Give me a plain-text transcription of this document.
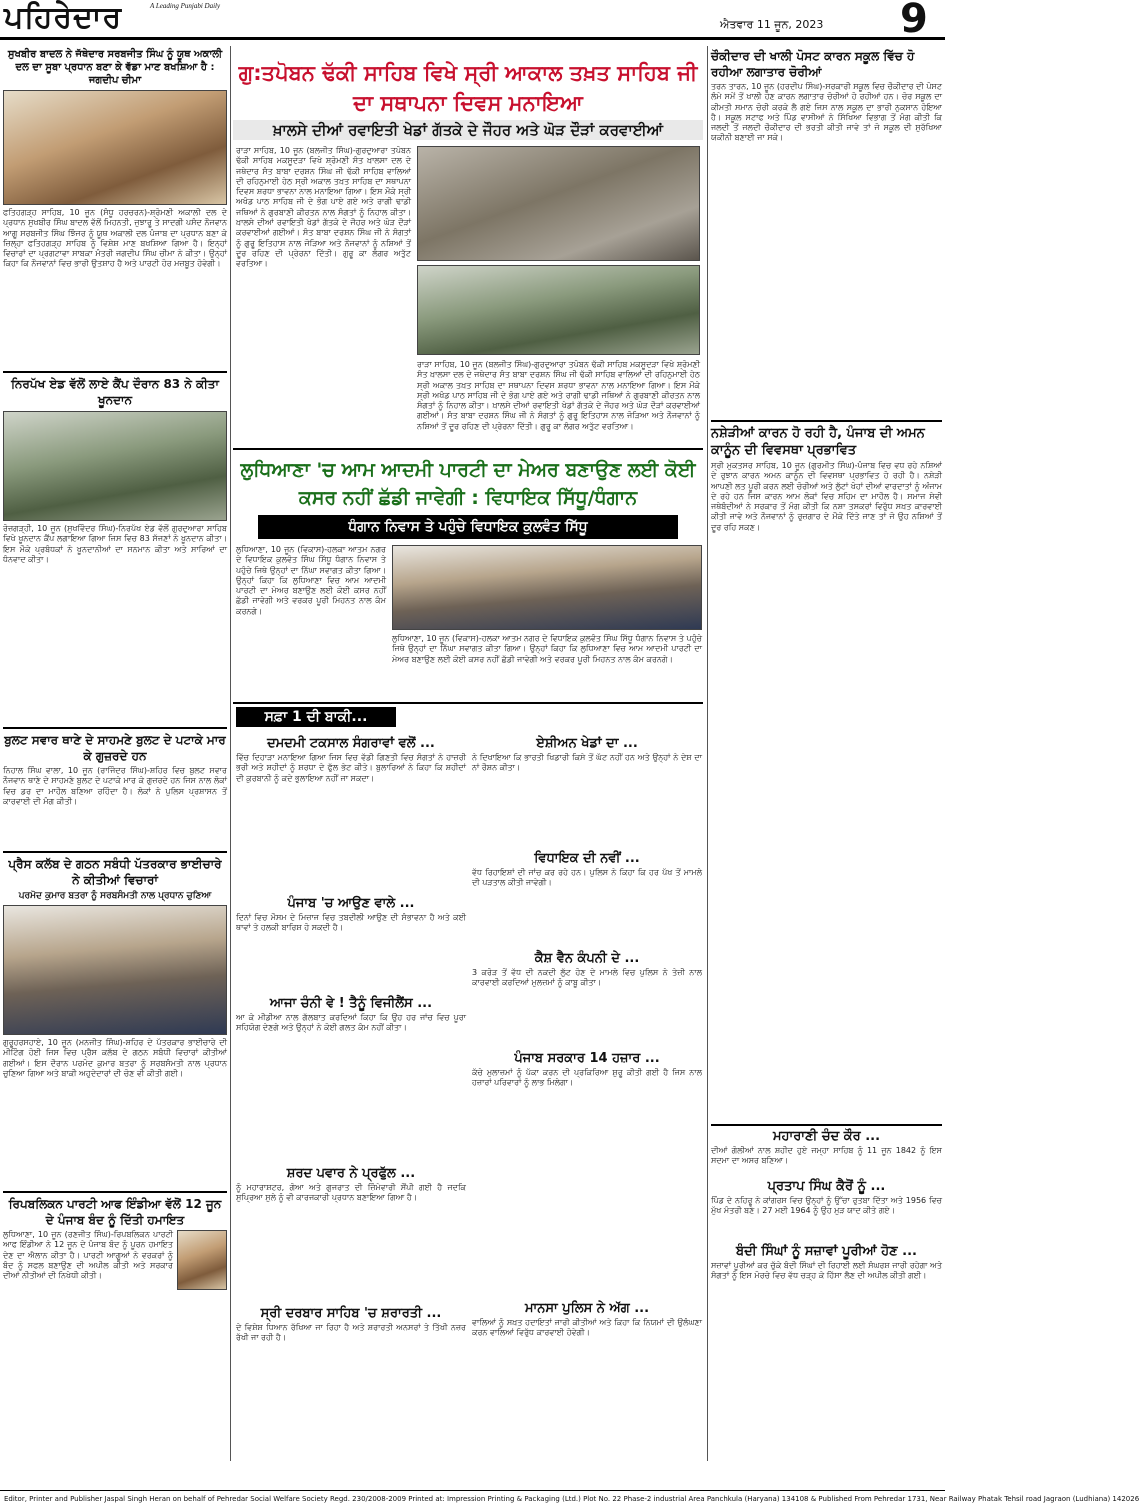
ਪਹਿਰੇਦਾਰ	A Leading Punjabi Daily
ਐਤਵਾਰ 11 ਜੂਨ, 2023 9
ਸੁਖਬੀਰ ਬਾਦਲ ਨੇ ਜੱਥੇਦਾਰ ਸਰਬਜੀਤ ਸਿੰਘ ਨੂੰ ਯੂਥ ਅਕਾਲੀ ਦਲ ਦਾ ਸੂਬਾ ਪ੍ਰਧਾਨ ਬਣਾ ਕੇ ਵੱਡਾ ਮਾਣ ਬਖਸ਼ਿਆ ਹੈ : ਜਗਦੀਪ ਚੀਮਾ
ਫਤਿਹਗੜ੍ਹ ਸਾਹਿਬ, 10 ਜੂਨ (ਸੰਧੂ ਹਰਚਰਨ)-ਸ਼੍ਰੋਮਣੀ ਅਕਾਲੀ ਦਲ ਦੇ ਪ੍ਰਧਾਨ ਸੁਖਬੀਰ ਸਿੰਘ ਬਾਦਲ ਵੱਲੋਂ ਮਿਹਨਤੀ, ਜੁਝਾਰੂ ਤੇ ਸਾਦਗੀ ਪਸੰਦ ਨੌਜਵਾਨ ਆਗੂ ਸਰਬਜੀਤ ਸਿੰਘ ਝਿੰਜਰ ਨੂੰ ਯੂਥ ਅਕਾਲੀ ਦਲ ਪੰਜਾਬ ਦਾ ਪ੍ਰਧਾਨ ਬਣਾ ਕੇ ਜ਼ਿਲ੍ਹਾ ਫਤਿਹਗੜ੍ਹ ਸਾਹਿਬ ਨੂੰ ਵਿਸ਼ੇਸ਼ ਮਾਣ ਬਖਸ਼ਿਆ ਗਿਆ ਹੈ। ਇਨ੍ਹਾਂ ਵਿਚਾਰਾਂ ਦਾ ਪ੍ਰਗਟਾਵਾ ਸਾਬਕਾ ਮੰਤਰੀ ਜਗਦੀਪ ਸਿੰਘ ਚੀਮਾ ਨੇ ਕੀਤਾ। ਉਨ੍ਹਾਂ ਕਿਹਾ ਕਿ ਨੌਜਵਾਨਾਂ ਵਿਚ ਭਾਰੀ ਉਤਸ਼ਾਹ ਹੈ ਅਤੇ ਪਾਰਟੀ ਹੋਰ ਮਜ਼ਬੂਤ ਹੋਵੇਗੀ।
ਨਿਰਪੱਖ ਏਡ ਵੱਲੋਂ ਲਾਏ ਕੈਂਪ ਦੌਰਾਨ 83 ਨੇ ਕੀਤਾ ਖੂਨਦਾਨ
ਰੋਜ਼ਗੜ੍ਹੀ, 10 ਜੂਨ (ਸੁਖਵਿੰਦਰ ਸਿੰਘ)-ਨਿਰਪੱਖ ਏਡ ਵੱਲੋਂ ਗੁਰਦੁਆਰਾ ਸਾਹਿਬ ਵਿਖੇ ਖੂਨਦਾਨ ਕੈਂਪ ਲਗਾਇਆ ਗਿਆ ਜਿਸ ਵਿਚ 83 ਸੱਜਣਾਂ ਨੇ ਖੂਨਦਾਨ ਕੀਤਾ। ਇਸ ਮੌਕੇ ਪ੍ਰਬੰਧਕਾਂ ਨੇ ਖੂਨਦਾਨੀਆਂ ਦਾ ਸਨਮਾਨ ਕੀਤਾ ਅਤੇ ਸਾਰਿਆਂ ਦਾ ਧੰਨਵਾਦ ਕੀਤਾ।
ਬੁਲਟ ਸਵਾਰ ਥਾਣੇ ਦੇ ਸਾਹਮਣੇ ਬੁਲਟ ਦੇ ਪਟਾਕੇ ਮਾਰ ਕੇ ਗੁਜ਼ਰਦੇ ਹਨ
ਨਿਹਾਲ ਸਿੰਘ ਵਾਲਾ, 10 ਜੂਨ (ਰਾਜਿੰਦਰ ਸਿੰਘ)-ਸ਼ਹਿਰ ਵਿਚ ਬੁਲਟ ਸਵਾਰ ਨੌਜਵਾਨ ਥਾਣੇ ਦੇ ਸਾਹਮਣੇ ਬੁਲਟ ਦੇ ਪਟਾਕੇ ਮਾਰ ਕੇ ਗੁਜ਼ਰਦੇ ਹਨ ਜਿਸ ਨਾਲ ਲੋਕਾਂ ਵਿਚ ਡਰ ਦਾ ਮਾਹੌਲ ਬਣਿਆ ਰਹਿੰਦਾ ਹੈ। ਲੋਕਾਂ ਨੇ ਪੁਲਿਸ ਪ੍ਰਸ਼ਾਸਨ ਤੋਂ ਕਾਰਵਾਈ ਦੀ ਮੰਗ ਕੀਤੀ।
ਪ੍ਰੈਸ ਕਲੱਬ ਦੇ ਗਠਨ ਸਬੰਧੀ ਪੱਤਰਕਾਰ ਭਾਈਚਾਰੇ ਨੇ ਕੀਤੀਆਂ ਵਿਚਾਰਾਂ
ਪਰਮੋਦ ਕੁਮਾਰ ਬਤਰਾ ਨੂੰ ਸਰਬਸੰਮਤੀ ਨਾਲ ਪ੍ਰਧਾਨ ਚੁਣਿਆ
ਗੁਰੂਹਰਸਹਾਏ, 10 ਜੂਨ (ਮਨਜੀਤ ਸਿੰਘ)-ਸ਼ਹਿਰ ਦੇ ਪੱਤਰਕਾਰ ਭਾਈਚਾਰੇ ਦੀ ਮੀਟਿੰਗ ਹੋਈ ਜਿਸ ਵਿਚ ਪ੍ਰੈਸ ਕਲੱਬ ਦੇ ਗਠਨ ਸਬੰਧੀ ਵਿਚਾਰਾਂ ਕੀਤੀਆਂ ਗਈਆਂ। ਇਸ ਦੌਰਾਨ ਪਰਮੋਦ ਕੁਮਾਰ ਬਤਰਾ ਨੂੰ ਸਰਬਸੰਮਤੀ ਨਾਲ ਪ੍ਰਧਾਨ ਚੁਣਿਆ ਗਿਆ ਅਤੇ ਬਾਕੀ ਅਹੁਦੇਦਾਰਾਂ ਦੀ ਚੋਣ ਵੀ ਕੀਤੀ ਗਈ।
ਰਿਪਬਲਿਕਨ ਪਾਰਟੀ ਆਫ ਇੰਡੀਆ ਵੱਲੋਂ 12 ਜੂਨ ਦੇ ਪੰਜਾਬ ਬੰਦ ਨੂੰ ਦਿੱਤੀ ਹਮਾਇਤ
ਲੁਧਿਆਣਾ, 10 ਜੂਨ (ਰਣਜੀਤ ਸਿੰਘ)-ਰਿਪਬਲਿਕਨ ਪਾਰਟੀ ਆਫ ਇੰਡੀਆ ਨੇ 12 ਜੂਨ ਦੇ ਪੰਜਾਬ ਬੰਦ ਨੂੰ ਪੂਰਨ ਹਮਾਇਤ ਦੇਣ ਦਾ ਐਲਾਨ ਕੀਤਾ ਹੈ। ਪਾਰਟੀ ਆਗੂਆਂ ਨੇ ਵਰਕਰਾਂ ਨੂੰ ਬੰਦ ਨੂੰ ਸਫਲ ਬਣਾਉਣ ਦੀ ਅਪੀਲ ਕੀਤੀ ਅਤੇ ਸਰਕਾਰ ਦੀਆਂ ਨੀਤੀਆਂ ਦੀ ਨਿਖੇਧੀ ਕੀਤੀ।
ਗੁ:ਤਪੋਬਨ ਢੱਕੀ ਸਾਹਿਬ ਵਿਖੇ ਸ੍ਰੀ ਆਕਾਲ ਤਖ਼ਤ ਸਾਹਿਬ ਜੀ ਦਾ ਸਥਾਪਨਾ ਦਿਵਸ ਮਨਾਇਆ
ਖ਼ਾਲਸੇ ਦੀਆਂ ਰਵਾਇਤੀ ਖੇਡਾਂ ਗੱਤਕੇ ਦੇ ਜੌਹਰ ਅਤੇ ਘੋੜ ਦੌੜਾਂ ਕਰਵਾਈਆਂ
ਰਾੜਾ ਸਾਹਿਬ, 10 ਜੂਨ (ਬਲਜੀਤ ਸਿੰਘ)-ਗੁਰਦੁਆਰਾ ਤਪੋਬਨ ਢੱਕੀ ਸਾਹਿਬ ਮਕਸੂਦੜਾ ਵਿਖੇ ਸ਼੍ਰੋਮਣੀ ਸੰਤ ਖ਼ਾਲਸਾ ਦਲ ਦੇ ਜਥੇਦਾਰ ਸੰਤ ਬਾਬਾ ਦਰਸ਼ਨ ਸਿੰਘ ਜੀ ਢੱਕੀ ਸਾਹਿਬ ਵਾਲਿਆਂ ਦੀ ਰਹਿਨੁਮਾਈ ਹੇਠ ਸ੍ਰੀ ਅਕਾਲ ਤਖ਼ਤ ਸਾਹਿਬ ਦਾ ਸਥਾਪਨਾ ਦਿਵਸ ਸ਼ਰਧਾ ਭਾਵਨਾ ਨਾਲ ਮਨਾਇਆ ਗਿਆ। ਇਸ ਮੌਕੇ ਸ੍ਰੀ ਅਖੰਡ ਪਾਠ ਸਾਹਿਬ ਜੀ ਦੇ ਭੋਗ ਪਾਏ ਗਏ ਅਤੇ ਰਾਗੀ ਢਾਡੀ ਜਥਿਆਂ ਨੇ ਗੁਰਬਾਣੀ ਕੀਰਤਨ ਨਾਲ ਸੰਗਤਾਂ ਨੂੰ ਨਿਹਾਲ ਕੀਤਾ। ਖ਼ਾਲਸੇ ਦੀਆਂ ਰਵਾਇਤੀ ਖੇਡਾਂ ਗੱਤਕੇ ਦੇ ਜੌਹਰ ਅਤੇ ਘੋੜ ਦੌੜਾਂ ਕਰਵਾਈਆਂ ਗਈਆਂ। ਸੰਤ ਬਾਬਾ ਦਰਸ਼ਨ ਸਿੰਘ ਜੀ ਨੇ ਸੰਗਤਾਂ ਨੂੰ ਗੁਰੂ ਇਤਿਹਾਸ ਨਾਲ ਜੋੜਿਆ ਅਤੇ ਨੌਜਵਾਨਾਂ ਨੂੰ ਨਸ਼ਿਆਂ ਤੋਂ ਦੂਰ ਰਹਿਣ ਦੀ ਪ੍ਰੇਰਨਾ ਦਿੱਤੀ। ਗੁਰੂ ਕਾ ਲੰਗਰ ਅਤੁੱਟ ਵਰਤਿਆ।
ਰਾੜਾ ਸਾਹਿਬ, 10 ਜੂਨ (ਬਲਜੀਤ ਸਿੰਘ)-ਗੁਰਦੁਆਰਾ ਤਪੋਬਨ ਢੱਕੀ ਸਾਹਿਬ ਮਕਸੂਦੜਾ ਵਿਖੇ ਸ਼੍ਰੋਮਣੀ ਸੰਤ ਖ਼ਾਲਸਾ ਦਲ ਦੇ ਜਥੇਦਾਰ ਸੰਤ ਬਾਬਾ ਦਰਸ਼ਨ ਸਿੰਘ ਜੀ ਢੱਕੀ ਸਾਹਿਬ ਵਾਲਿਆਂ ਦੀ ਰਹਿਨੁਮਾਈ ਹੇਠ ਸ੍ਰੀ ਅਕਾਲ ਤਖ਼ਤ ਸਾਹਿਬ ਦਾ ਸਥਾਪਨਾ ਦਿਵਸ ਸ਼ਰਧਾ ਭਾਵਨਾ ਨਾਲ ਮਨਾਇਆ ਗਿਆ। ਇਸ ਮੌਕੇ ਸ੍ਰੀ ਅਖੰਡ ਪਾਠ ਸਾਹਿਬ ਜੀ ਦੇ ਭੋਗ ਪਾਏ ਗਏ ਅਤੇ ਰਾਗੀ ਢਾਡੀ ਜਥਿਆਂ ਨੇ ਗੁਰਬਾਣੀ ਕੀਰਤਨ ਨਾਲ ਸੰਗਤਾਂ ਨੂੰ ਨਿਹਾਲ ਕੀਤਾ। ਖ਼ਾਲਸੇ ਦੀਆਂ ਰਵਾਇਤੀ ਖੇਡਾਂ ਗੱਤਕੇ ਦੇ ਜੌਹਰ ਅਤੇ ਘੋੜ ਦੌੜਾਂ ਕਰਵਾਈਆਂ ਗਈਆਂ। ਸੰਤ ਬਾਬਾ ਦਰਸ਼ਨ ਸਿੰਘ ਜੀ ਨੇ ਸੰਗਤਾਂ ਨੂੰ ਗੁਰੂ ਇਤਿਹਾਸ ਨਾਲ ਜੋੜਿਆ ਅਤੇ ਨੌਜਵਾਨਾਂ ਨੂੰ ਨਸ਼ਿਆਂ ਤੋਂ ਦੂਰ ਰਹਿਣ ਦੀ ਪ੍ਰੇਰਨਾ ਦਿੱਤੀ। ਗੁਰੂ ਕਾ ਲੰਗਰ ਅਤੁੱਟ ਵਰਤਿਆ।
ਲੁਧਿਆਣਾ 'ਚ ਆਮ ਆਦਮੀ ਪਾਰਟੀ ਦਾ ਮੇਅਰ ਬਣਾਉਣ ਲਈ ਕੋਈ ਕਸਰ ਨਹੀਂ ਛੱਡੀ ਜਾਵੇਗੀ : ਵਿਧਾਇਕ ਸਿੱਧੂ/ਧੰਗਾਨ
ਧੰਗਾਨ ਨਿਵਾਸ ਤੇ ਪਹੁੰਚੇ ਵਿਧਾਇਕ ਕੁਲਵੰਤ ਸਿੱਧੂ
ਲੁਧਿਆਣਾ, 10 ਜੂਨ (ਵਿਕਾਸ)-ਹਲਕਾ ਆਤਮ ਨਗਰ ਦੇ ਵਿਧਾਇਕ ਕੁਲਵੰਤ ਸਿੰਘ ਸਿੱਧੂ ਧੰਗਾਨ ਨਿਵਾਸ ਤੇ ਪਹੁੰਚੇ ਜਿਥੇ ਉਨ੍ਹਾਂ ਦਾ ਨਿੱਘਾ ਸਵਾਗਤ ਕੀਤਾ ਗਿਆ। ਉਨ੍ਹਾਂ ਕਿਹਾ ਕਿ ਲੁਧਿਆਣਾ ਵਿਚ ਆਮ ਆਦਮੀ ਪਾਰਟੀ ਦਾ ਮੇਅਰ ਬਣਾਉਣ ਲਈ ਕੋਈ ਕਸਰ ਨਹੀਂ ਛੱਡੀ ਜਾਵੇਗੀ ਅਤੇ ਵਰਕਰ ਪੂਰੀ ਮਿਹਨਤ ਨਾਲ ਕੰਮ ਕਰਨਗੇ।
ਲੁਧਿਆਣਾ, 10 ਜੂਨ (ਵਿਕਾਸ)-ਹਲਕਾ ਆਤਮ ਨਗਰ ਦੇ ਵਿਧਾਇਕ ਕੁਲਵੰਤ ਸਿੰਘ ਸਿੱਧੂ ਧੰਗਾਨ ਨਿਵਾਸ ਤੇ ਪਹੁੰਚੇ ਜਿਥੇ ਉਨ੍ਹਾਂ ਦਾ ਨਿੱਘਾ ਸਵਾਗਤ ਕੀਤਾ ਗਿਆ। ਉਨ੍ਹਾਂ ਕਿਹਾ ਕਿ ਲੁਧਿਆਣਾ ਵਿਚ ਆਮ ਆਦਮੀ ਪਾਰਟੀ ਦਾ ਮੇਅਰ ਬਣਾਉਣ ਲਈ ਕੋਈ ਕਸਰ ਨਹੀਂ ਛੱਡੀ ਜਾਵੇਗੀ ਅਤੇ ਵਰਕਰ ਪੂਰੀ ਮਿਹਨਤ ਨਾਲ ਕੰਮ ਕਰਨਗੇ।
ਸਫ਼ਾ 1 ਦੀ ਬਾਕੀ...
ਦਮਦਮੀ ਟਕਸਾਲ ਸੰਗਰਾਵਾਂ ਵਲੋਂ ...
ਵਿੱਚ ਦਿਹਾੜਾ ਮਨਾਇਆ ਗਿਆ ਜਿਸ ਵਿਚ ਵੱਡੀ ਗਿਣਤੀ ਵਿਚ ਸੰਗਤਾਂ ਨੇ ਹਾਜ਼ਰੀ ਭਰੀ ਅਤੇ ਸ਼ਹੀਦਾਂ ਨੂੰ ਸ਼ਰਧਾ ਦੇ ਫੁੱਲ ਭੇਟ ਕੀਤੇ। ਬੁਲਾਰਿਆਂ ਨੇ ਕਿਹਾ ਕਿ ਸ਼ਹੀਦਾਂ ਦੀ ਕੁਰਬਾਨੀ ਨੂੰ ਕਦੇ ਭੁਲਾਇਆ ਨਹੀਂ ਜਾ ਸਕਦਾ।
ਪੰਜਾਬ 'ਚ ਆਉਣ ਵਾਲੇ ...
ਦਿਨਾਂ ਵਿਚ ਮੌਸਮ ਦੇ ਮਿਜ਼ਾਜ ਵਿਚ ਤਬਦੀਲੀ ਆਉਣ ਦੀ ਸੰਭਾਵਨਾ ਹੈ ਅਤੇ ਕਈ ਥਾਵਾਂ ਤੇ ਹਲਕੀ ਬਾਰਿਸ਼ ਹੋ ਸਕਦੀ ਹੈ।
ਆਜਾ ਚੰਨੀ ਵੇ ! ਤੈਨੂੰ ਵਿਜੀਲੈਂਸ ...
ਆ ਕੇ ਮੀਡੀਆ ਨਾਲ ਗੱਲਬਾਤ ਕਰਦਿਆਂ ਕਿਹਾ ਕਿ ਉਹ ਹਰ ਜਾਂਚ ਵਿਚ ਪੂਰਾ ਸਹਿਯੋਗ ਦੇਣਗੇ ਅਤੇ ਉਨ੍ਹਾਂ ਨੇ ਕੋਈ ਗਲਤ ਕੰਮ ਨਹੀਂ ਕੀਤਾ।
ਸ਼ਰਦ ਪਵਾਰ ਨੇ ਪ੍ਰਫੁੱਲ ...
ਨੂੰ ਮਹਾਰਾਸ਼ਟਰ, ਗੋਆ ਅਤੇ ਗੁਜਰਾਤ ਦੀ ਜ਼ਿੰਮੇਵਾਰੀ ਸੌਂਪੀ ਗਈ ਹੈ ਜਦਕਿ ਸੁਪ੍ਰਿਆ ਸੁਲੇ ਨੂੰ ਵੀ ਕਾਰਜਕਾਰੀ ਪ੍ਰਧਾਨ ਬਣਾਇਆ ਗਿਆ ਹੈ।
ਸ੍ਰੀ ਦਰਬਾਰ ਸਾਹਿਬ 'ਚ ਸ਼ਰਾਰਤੀ ...
ਦੇ ਵਿਸ਼ੇਸ਼ ਧਿਆਨ ਰੱਖਿਆ ਜਾ ਰਿਹਾ ਹੈ ਅਤੇ ਸ਼ਰਾਰਤੀ ਅਨਸਰਾਂ ਤੇ ਤਿੱਖੀ ਨਜ਼ਰ ਰੱਖੀ ਜਾ ਰਹੀ ਹੈ।
ਏਸ਼ੀਅਨ ਖੇਡਾਂ ਦਾ ...
ਨੇ ਦਿਖਾਇਆ ਕਿ ਭਾਰਤੀ ਖਿਡਾਰੀ ਕਿਸੇ ਤੋਂ ਘੱਟ ਨਹੀਂ ਹਨ ਅਤੇ ਉਨ੍ਹਾਂ ਨੇ ਦੇਸ਼ ਦਾ ਨਾਂ ਰੌਸ਼ਨ ਕੀਤਾ।
ਵਿਧਾਇਕ ਦੀ ਨਵੀਂ ...
ਵੱਧ ਰਿਹਾਇਸ਼ਾਂ ਦੀ ਜਾਂਚ ਕਰ ਰਹੇ ਹਨ। ਪੁਲਿਸ ਨੇ ਕਿਹਾ ਕਿ ਹਰ ਪੱਖ ਤੋਂ ਮਾਮਲੇ ਦੀ ਪੜਤਾਲ ਕੀਤੀ ਜਾਵੇਗੀ।
ਕੈਸ਼ ਵੈਨ ਕੰਪਨੀ ਦੇ ...
3 ਕਰੋੜ ਤੋਂ ਵੱਧ ਦੀ ਨਕਦੀ ਲੁੱਟ ਹੋਣ ਦੇ ਮਾਮਲੇ ਵਿਚ ਪੁਲਿਸ ਨੇ ਤੇਜ਼ੀ ਨਾਲ ਕਾਰਵਾਈ ਕਰਦਿਆਂ ਮੁਲਜ਼ਮਾਂ ਨੂੰ ਕਾਬੂ ਕੀਤਾ।
ਪੰਜਾਬ ਸਰਕਾਰ 14 ਹਜ਼ਾਰ ...
ਕੱਚੇ ਮੁਲਾਜ਼ਮਾਂ ਨੂੰ ਪੱਕਾ ਕਰਨ ਦੀ ਪ੍ਰਕਿਰਿਆ ਸ਼ੁਰੂ ਕੀਤੀ ਗਈ ਹੈ ਜਿਸ ਨਾਲ ਹਜ਼ਾਰਾਂ ਪਰਿਵਾਰਾਂ ਨੂੰ ਲਾਭ ਮਿਲੇਗਾ।
ਮਾਨਸਾ ਪੁਲਿਸ ਨੇ ਅੱਗ ...
ਵਾਲਿਆਂ ਨੂੰ ਸਖ਼ਤ ਹਦਾਇਤਾਂ ਜਾਰੀ ਕੀਤੀਆਂ ਅਤੇ ਕਿਹਾ ਕਿ ਨਿਯਮਾਂ ਦੀ ਉਲੰਘਣਾ ਕਰਨ ਵਾਲਿਆਂ ਵਿਰੁੱਧ ਕਾਰਵਾਈ ਹੋਵੇਗੀ।
ਚੌਕੀਦਾਰ ਦੀ ਖਾਲੀ ਪੋਸਟ ਕਾਰਨ ਸਕੂਲ ਵਿੱਚ ਹੋ ਰਹੀਆ ਲਗਾਤਾਰ ਚੋਰੀਆਂ
ਤਰਨ ਤਾਰਨ, 10 ਜੂਨ (ਹਰਦੀਪ ਸਿੰਘ)-ਸਰਕਾਰੀ ਸਕੂਲ ਵਿਚ ਚੌਕੀਦਾਰ ਦੀ ਪੋਸਟ ਲੰਮੇ ਸਮੇਂ ਤੋਂ ਖਾਲੀ ਹੋਣ ਕਾਰਨ ਲਗਾਤਾਰ ਚੋਰੀਆਂ ਹੋ ਰਹੀਆਂ ਹਨ। ਚੋਰ ਸਕੂਲ ਦਾ ਕੀਮਤੀ ਸਮਾਨ ਚੋਰੀ ਕਰਕੇ ਲੈ ਗਏ ਜਿਸ ਨਾਲ ਸਕੂਲ ਦਾ ਭਾਰੀ ਨੁਕਸਾਨ ਹੋਇਆ ਹੈ। ਸਕੂਲ ਸਟਾਫ ਅਤੇ ਪਿੰਡ ਵਾਸੀਆਂ ਨੇ ਸਿੱਖਿਆ ਵਿਭਾਗ ਤੋਂ ਮੰਗ ਕੀਤੀ ਕਿ ਜਲਦੀ ਤੋਂ ਜਲਦੀ ਚੌਕੀਦਾਰ ਦੀ ਭਰਤੀ ਕੀਤੀ ਜਾਵੇ ਤਾਂ ਜੋ ਸਕੂਲ ਦੀ ਸੁਰੱਖਿਆ ਯਕੀਨੀ ਬਣਾਈ ਜਾ ਸਕੇ।
ਨਸ਼ੇੜੀਆਂ ਕਾਰਨ ਹੋ ਰਹੀ ਹੈ, ਪੰਜਾਬ ਦੀ ਅਮਨ ਕਾਨੂੰਨ ਦੀ ਵਿਵਸਥਾ ਪ੍ਰਭਾਵਿਤ
ਸ੍ਰੀ ਮੁਕਤਸਰ ਸਾਹਿਬ, 10 ਜੂਨ (ਗੁਰਮੀਤ ਸਿੰਘ)-ਪੰਜਾਬ ਵਿਚ ਵਧ ਰਹੇ ਨਸ਼ਿਆਂ ਦੇ ਰੁਝਾਨ ਕਾਰਨ ਅਮਨ ਕਾਨੂੰਨ ਦੀ ਵਿਵਸਥਾ ਪ੍ਰਭਾਵਿਤ ਹੋ ਰਹੀ ਹੈ। ਨਸ਼ੇੜੀ ਆਪਣੀ ਲਤ ਪੂਰੀ ਕਰਨ ਲਈ ਚੋਰੀਆਂ ਅਤੇ ਲੁੱਟਾਂ ਖੋਹਾਂ ਦੀਆਂ ਵਾਰਦਾਤਾਂ ਨੂੰ ਅੰਜਾਮ ਦੇ ਰਹੇ ਹਨ ਜਿਸ ਕਾਰਨ ਆਮ ਲੋਕਾਂ ਵਿਚ ਸਹਿਮ ਦਾ ਮਾਹੌਲ ਹੈ। ਸਮਾਜ ਸੇਵੀ ਜਥੇਬੰਦੀਆਂ ਨੇ ਸਰਕਾਰ ਤੋਂ ਮੰਗ ਕੀਤੀ ਕਿ ਨਸ਼ਾ ਤਸਕਰਾਂ ਵਿਰੁੱਧ ਸਖ਼ਤ ਕਾਰਵਾਈ ਕੀਤੀ ਜਾਵੇ ਅਤੇ ਨੌਜਵਾਨਾਂ ਨੂੰ ਰੁਜ਼ਗਾਰ ਦੇ ਮੌਕੇ ਦਿੱਤੇ ਜਾਣ ਤਾਂ ਜੋ ਉਹ ਨਸ਼ਿਆਂ ਤੋਂ ਦੂਰ ਰਹਿ ਸਕਣ।
ਮਹਾਰਾਣੀ ਚੰਦ ਕੌਰ ...
ਦੀਆਂ ਗੋਲੀਆਂ ਨਾਲ ਸ਼ਹੀਦ ਹੁਏ ਜਮ੍ਹਾ ਸਾਹਿਬ ਨੂੰ 11 ਜੂਨ 1842 ਨੂੰ ਇਸ ਸਦਮਾ ਦਾ ਅਸਰ ਬਣਿਆ।
ਪ੍ਰਤਾਪ ਸਿੰਘ ਕੈਰੋਂ ਨੂੰ ...
ਪਿੰਡ ਦੇ ਨਹਿਰੂ ਨੇ ਕਾਂਗਰਸ ਵਿਚ ਉਨ੍ਹਾਂ ਨੂੰ ਉੱਚਾ ਰੁਤਬਾ ਦਿੱਤਾ ਅਤੇ 1956 ਵਿਚ ਮੁੱਖ ਮੰਤਰੀ ਬਣੇ। 27 ਮਈ 1964 ਨੂੰ ਉਹ ਮੁੜ ਯਾਦ ਕੀਤੇ ਗਏ।
ਬੰਦੀ ਸਿੰਘਾਂ ਨੂੰ ਸਜ਼ਾਵਾਂ ਪੂਰੀਆਂ ਹੋਣ ...
ਸਜ਼ਾਵਾਂ ਪੂਰੀਆਂ ਕਰ ਚੁੱਕੇ ਬੰਦੀ ਸਿੰਘਾਂ ਦੀ ਰਿਹਾਈ ਲਈ ਸੰਘਰਸ਼ ਜਾਰੀ ਰਹੇਗਾ ਅਤੇ ਸੰਗਤਾਂ ਨੂੰ ਇਸ ਮੋਰਚੇ ਵਿਚ ਵੱਧ ਚੜ੍ਹ ਕੇ ਹਿੱਸਾ ਲੈਣ ਦੀ ਅਪੀਲ ਕੀਤੀ ਗਈ।
Editor, Printer and Publisher Jaspal Singh Heran on behalf of Pehredar Social Welfare Society Regd. 230/2008-2009 Printed at: Impression Printing & Packaging (Ltd.) Plot No. 22 Phase-2 industrial Area Panchkula (Haryana) 134108 & Published From Pehredar 1731, Near Railway Phatak Tehsil road Jagraon (Ludhiana) 142026
